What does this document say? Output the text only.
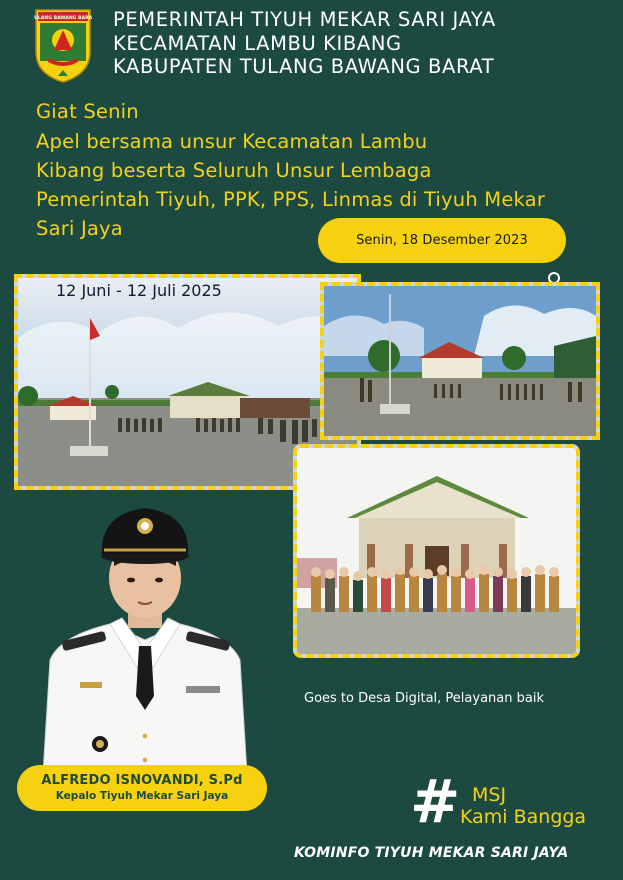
TULANG BAWANG BARAT PEMERINTAH TIYUH MEKAR SARI JAYA
KECAMATAN LAMBU KIBANG
KABUPATEN TULANG BAWANG BARAT
Giat Senin
Apel bersama unsur Kecamatan Lambu
Kibang beserta Seluruh Unsur Lembaga
Pemerintah Tiyuh, PPK, PPS, Linmas di Tiyuh Mekar
Sari Jaya
Senin, 18 Desember 2023
12 Juni - 12 Juli 2025
Goes to Desa Digital, Pelayanan baik
ALFREDO ISNOVANDI, S.Pd
Kepalo Tiyuh Mekar Sari Jaya	# MSJ
Kami Bangga
KOMINFO TIYUH MEKAR SARI JAYA
